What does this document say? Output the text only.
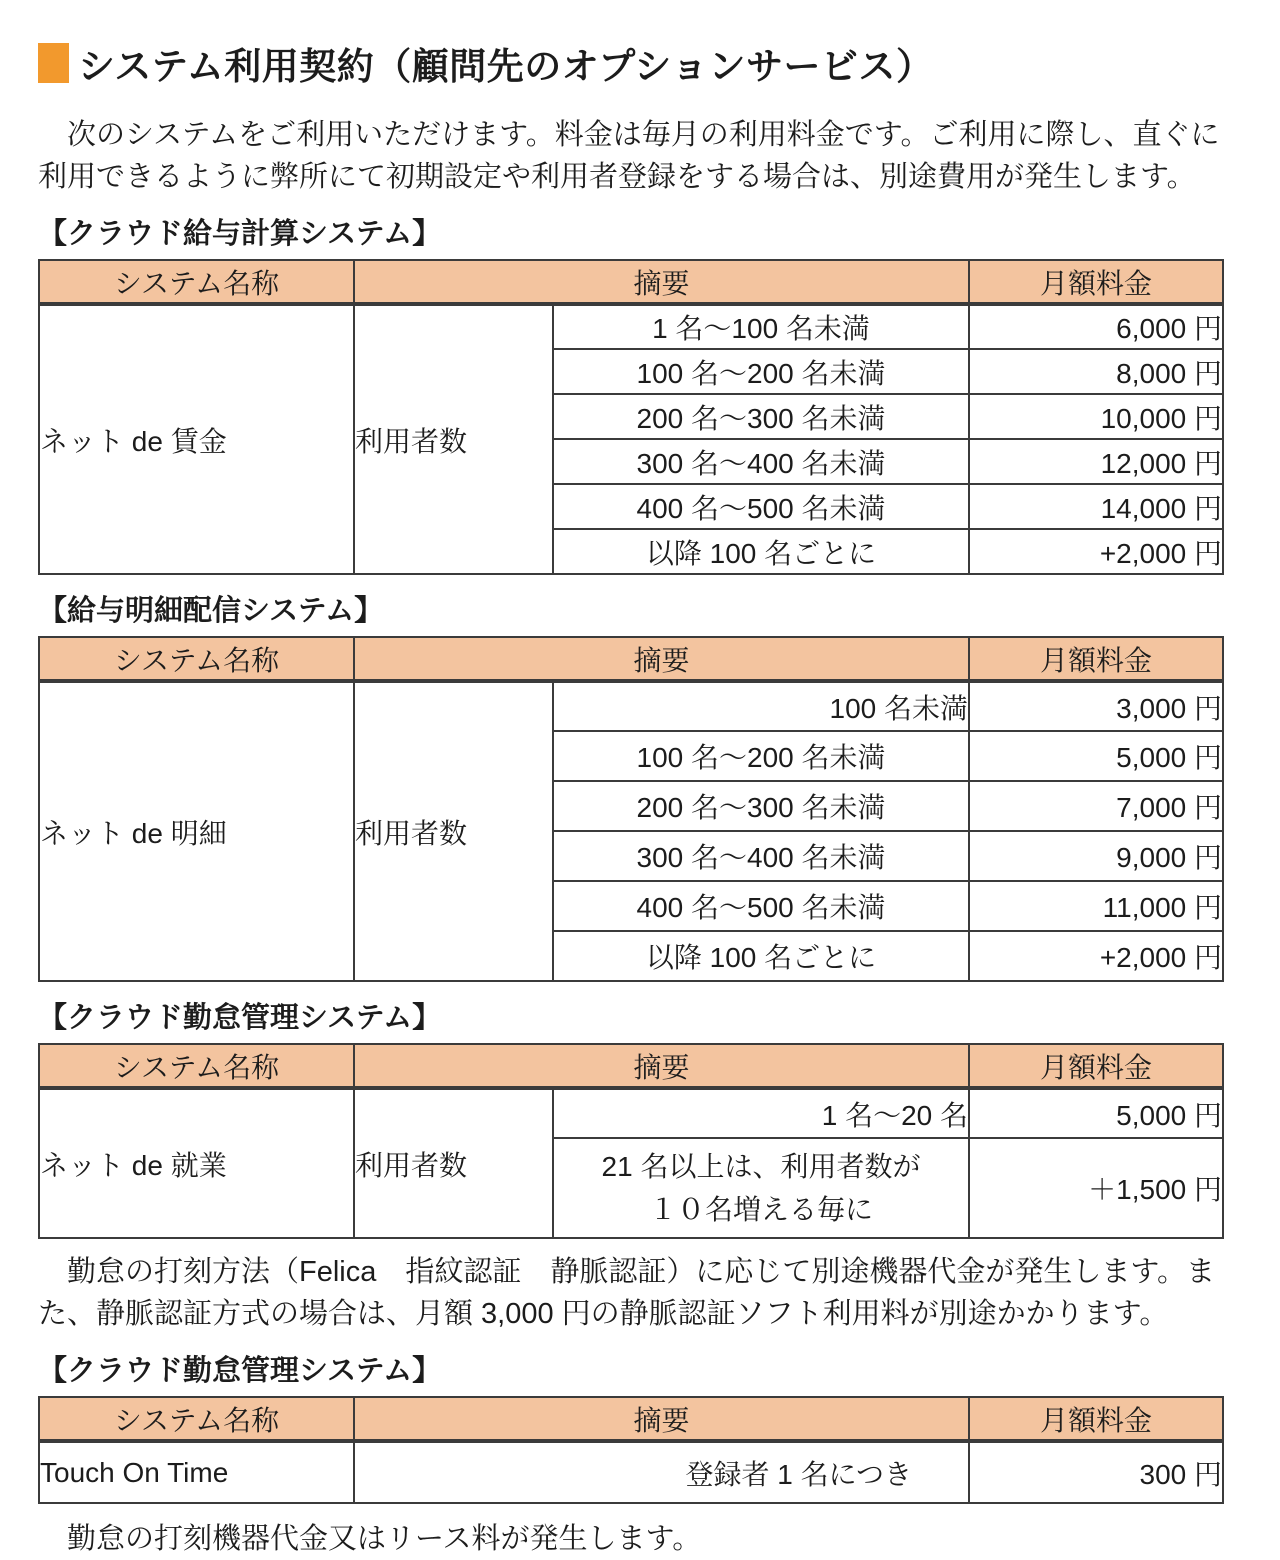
システム利用契約（顧問先のオプションサービス）

　次のシステムをご利用いただけます。料金は毎月の利用料金です。ご利用に際し、直ぐに利用できるように弊所にて初期設定や利用者登録をする場合は、別途費用が発生します。

【クラウド給与計算システム】
システム名称	摘要		月額料金
ネット de 賃金	利用者数	1 名～100 名未満	6,000 円
		100 名～200 名未満	8,000 円
		200 名～300 名未満	10,000 円
		300 名～400 名未満	12,000 円
		400 名～500 名未満	14,000 円
		以降 100 名ごとに	+2,000 円
【給与明細配信システム】
システム名称	摘要		月額料金
ネット de 明細	利用者数	100 名未満	3,000 円
		100 名～200 名未満	5,000 円
		200 名～300 名未満	7,000 円
		300 名～400 名未満	9,000 円
		400 名～500 名未満	11,000 円
		以降 100 名ごとに	+2,000 円
【クラウド勤怠管理システム】
システム名称	摘要		月額料金
ネット de 就業	利用者数	1 名～20 名	5,000 円
		21 名以上は、利用者数が
１０名増える毎に	＋1,500 円

　勤怠の打刻方法（Felica　指紋認証　静脈認証）に応じて別途機器代金が発生します。また、静脈認証方式の場合は、月額 3,000 円の静脈認証ソフト利用料が別途かかります。

【クラウド勤怠管理システム】
システム名称	摘要	月額料金
Touch On Time	登録者 1 名につき	300 円

　勤怠の打刻機器代金又はリース料が発生します。
